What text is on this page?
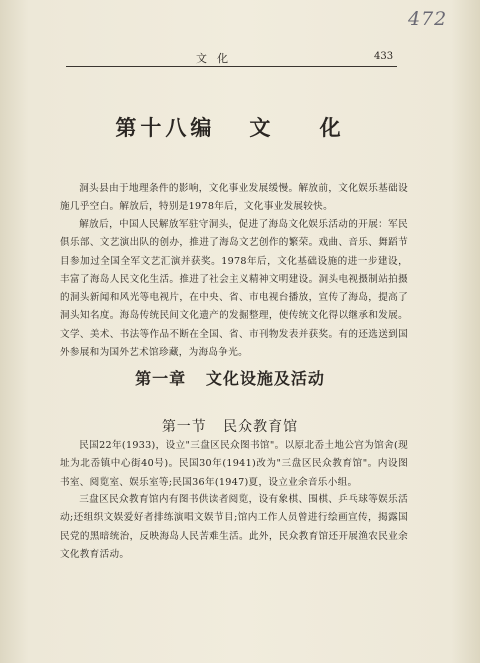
472
文化	433
第十八编   文    化

洞头县由于地理条件的影响，文化事业发展缓慢。解放前，文化娱乐基础设施几乎空白。解放后，特别是1978年后，文化事业发展较快。

解放后，中国人民解放军驻守洞头，促进了海岛文化娱乐活动的开展：军民俱乐部、文艺演出队的创办，推进了海岛文艺创作的繁荣。戏曲、音乐、舞蹈节目参加过全国全军文艺汇演并获奖。1978年后，文化基础设施的进一步建设，丰富了海岛人民文化生活。推进了社会主义精神文明建设。洞头电视摄制站拍摄的洞头新闻和风光等电视片，在中央、省、市电视台播放，宣传了海岛，提高了洞头知名度。海岛传统民间文化遗产的发掘整理，使传统文化得以继承和发展。文学、美术、书法等作品不断在全国、省、市刊物发表并获奖。有的还选送到国外参展和为国外艺术馆珍藏，为海岛争光。

第一章   文化设施及活动
第一节   民众教育馆

民国22年(1933)，设立"三盘区民众图书馆"。以原北岙土地公宫为馆舍(现址为北岙镇中心街40号)。民国30年(1941)改为"三盘区民众教育馆"。内设图书室、阅览室、娱乐室等;民国36年(1947)夏，设立业余音乐小组。

三盘区民众教育馆内有图书供读者阅览，设有象棋、围棋、乒乓球等娱乐活动;还组织文娱爱好者排练演唱文娱节目;馆内工作人员曾进行绘画宣传，揭露国民党的黑暗统治，反映海岛人民苦难生活。此外，民众教育馆还开展渔农民业余文化教育活动。
